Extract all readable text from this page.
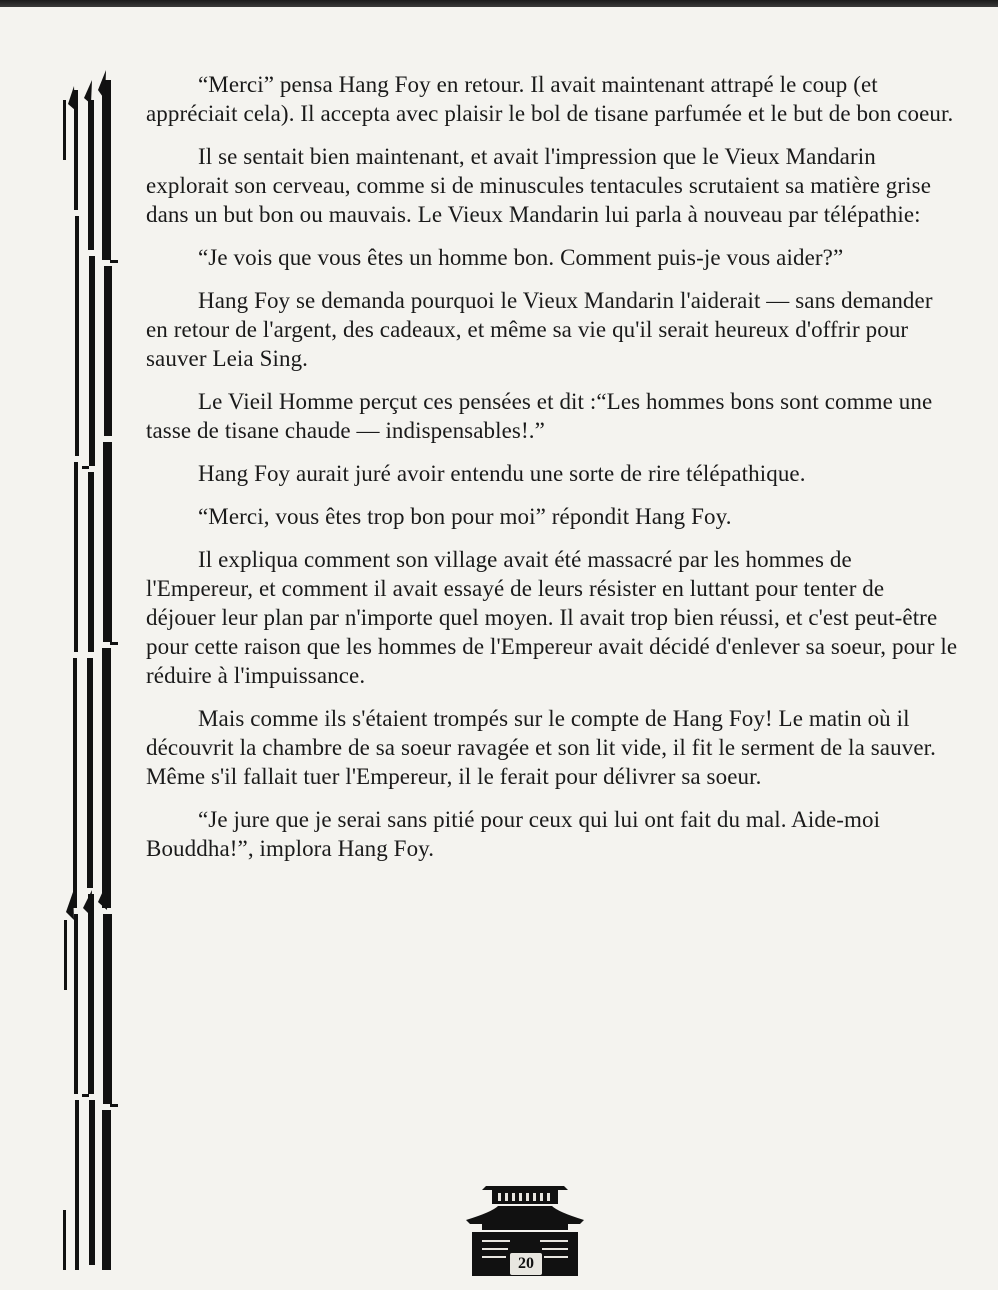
“Merci” pensa Hang Foy en retour. Il avait maintenant attrapé le coup (et appréciait cela). Il accepta avec plaisir le bol de tisane parfumée et le but de bon coeur.

Il se sentait bien maintenant, et avait l'impression que le Vieux Mandarin explorait son cerveau, comme si de minuscules tentacules scrutaient sa matière grise dans un but bon ou mauvais. Le Vieux Mandarin lui parla à nouveau par télépathie:

“Je vois que vous êtes un homme bon. Comment puis-je vous aider?”

Hang Foy se demanda pourquoi le Vieux Mandarin l'aiderait — sans demander en retour de l'argent, des cadeaux, et même sa vie qu'il serait heureux d'offrir pour sauver Leia Sing.

Le Vieil Homme perçut ces pensées et dit :“Les hommes bons sont comme une tasse de tisane chaude — indispensables!.”

Hang Foy aurait juré avoir entendu une sorte de rire télépathique.

“Merci, vous êtes trop bon pour moi” répondit Hang Foy.

Il expliqua comment son village avait été massacré par les hommes de l'Empereur, et comment il avait essayé de leurs résister en luttant pour tenter de déjouer leur plan par n'importe quel moyen. Il avait trop bien réussi, et c'est peut-être pour cette raison que les hommes de l'Empereur avait décidé d'enlever sa soeur, pour le réduire à l'impuissance.

Mais comme ils s'étaient trompés sur le compte de Hang Foy! Le matin où il découvrit la chambre de sa soeur ravagée et son lit vide, il fit le serment de la sauver. Même s'il fallait tuer l'Empereur, il le ferait pour délivrer sa soeur.

“Je jure que je serai sans pitié pour ceux qui lui ont fait du mal. Aide-moi Bouddha!”, implora Hang Foy.

20
